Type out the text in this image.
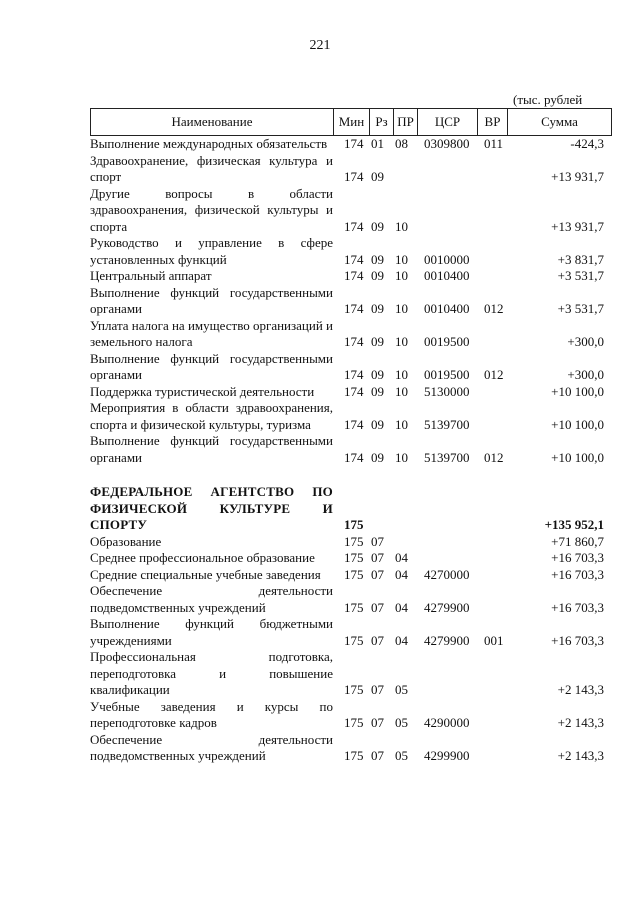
221
(тыс. рублей
Наименование	Мин Рз ПР	ЦСР	ВР	Сумма
Выполнение международных обязательств	174 01 08 0309800 011	-424,3
Здравоохранение, физическая культура и спорт	174 09	+13 931,7
Другие вопросы в области здравоохранения, физической культуры и спорта	174 09 10	+13 931,7
Руководство и управление в сфере установленных функций	174 09 10 0010000	+3 831,7
Центральный аппарат	174 09 10 0010400	+3 531,7
Выполнение функций государственными органами	174 09 10 0010400 012	+3 531,7
Уплата налога на имущество организаций и земельного налога	174 09 10 0019500	+300,0
Выполнение функций государственными органами	174 09 10 0019500 012	+300,0
Поддержка туристической деятельности	174 09 10 5130000	+10 100,0
Мероприятия в области здравоохранения, спорта и физической культуры, туризма	174 09 10 5139700	+10 100,0
Выполнение функций государственными органами	174 09 10 5139700 012	+10 100,0
ФЕДЕРАЛЬНОЕ АГЕНТСТВО ПО ФИЗИЧЕСКОЙ КУЛЬТУРЕ И СПОРТУ	175	+135 952,1
Образование	175 07	+71 860,7
Среднее профессиональное образование	175 07 04	+16 703,3
Средние специальные учебные заведения	175 07 04 4270000	+16 703,3
Обеспечение деятельности подведомственных учреждений	175 07 04 4279900	+16 703,3
Выполнение функций бюджетными учреждениями	175 07 04 4279900 001	+16 703,3
Профессиональная подготовка, переподготовка и повышение квалификации	175 07 05	+2 143,3
Учебные заведения и курсы по переподготовке кадров	175 07 05 4290000	+2 143,3
Обеспечение деятельности подведомственных учреждений	175 07 05 4299900	+2 143,3
